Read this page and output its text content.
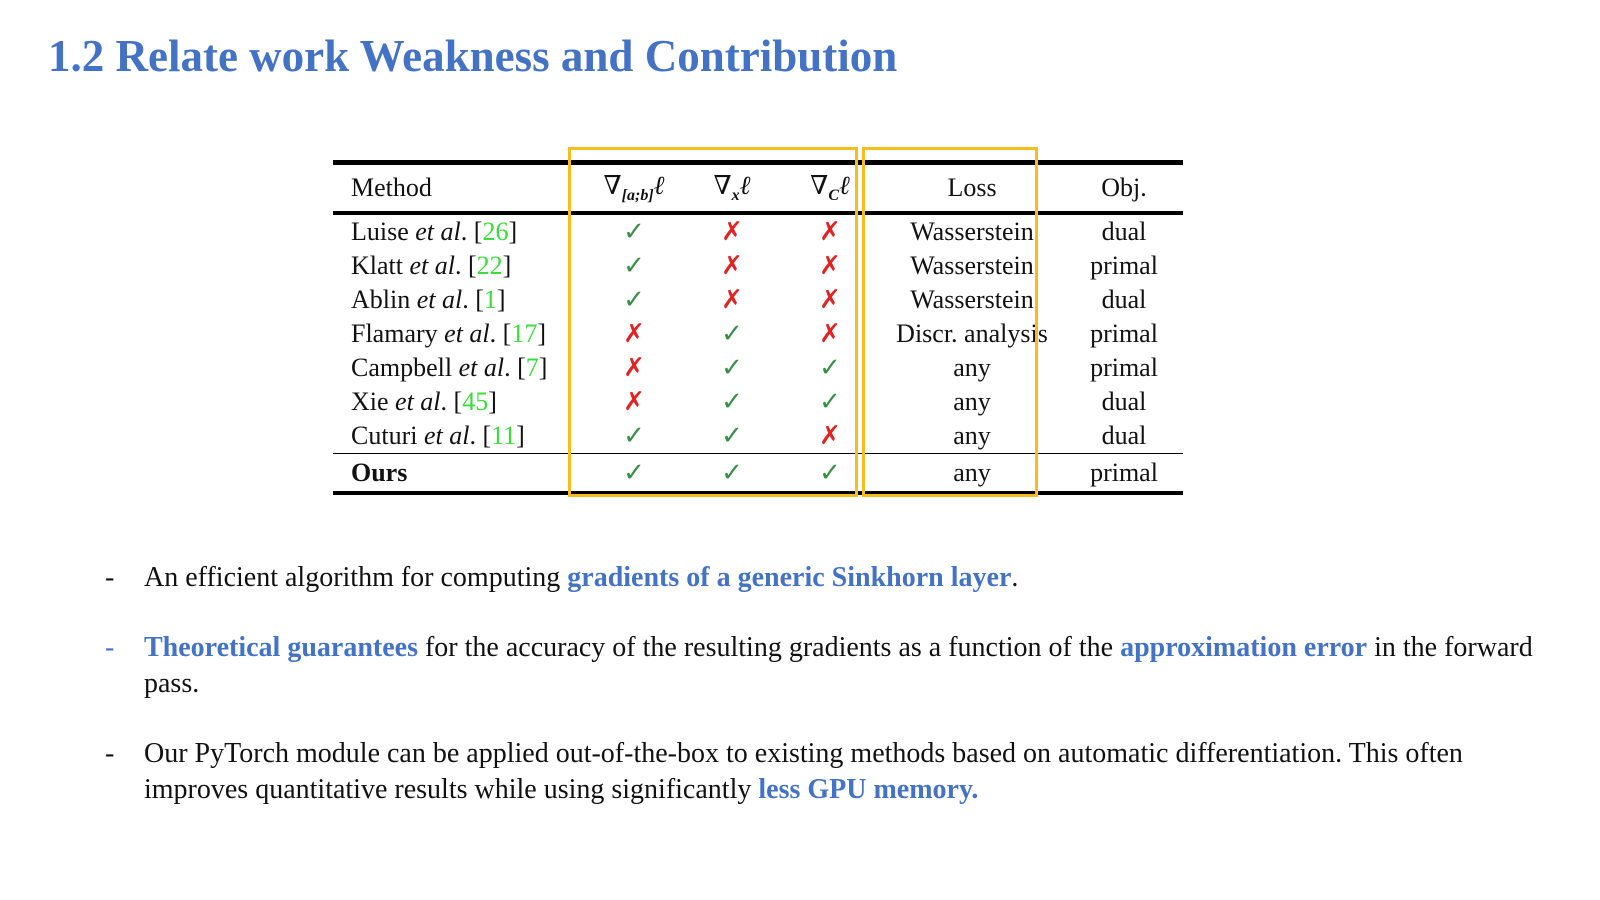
1.2 Relate work Weakness and Contribution
Method	$\nabla_{[a;b]}\ell$	$\nabla_x\ell$	$\nabla_C\ell$	Loss	Obj.
Luise et al. [26]	✓	✗	✗	Wasserstein	dual
Klatt et al. [22]	✓	✗	✗	Wasserstein	primal
Ablin et al. [1]	✓	✗	✗	Wasserstein	dual
Flamary et al. [17]	✗	✓	✗	Discr. analysis	primal
Campbell et al. [7]	✗	✓	✓	any	primal
Xie et al. [45]	✗	✓	✓	any	dual
Cuturi et al. [11]	✓	✓	✗	any	dual
Ours	✓	✓	✓	any	primal

- An efficient algorithm for computing gradients of a generic Sinkhorn layer.

- Theoretical guarantees for the accuracy of the resulting gradients as a function of the approximation error in the forward pass.

- Our PyTorch module can be applied out-of-the-box to existing methods based on automatic differentiation. This often improves quantitative results while using significantly less GPU memory.
